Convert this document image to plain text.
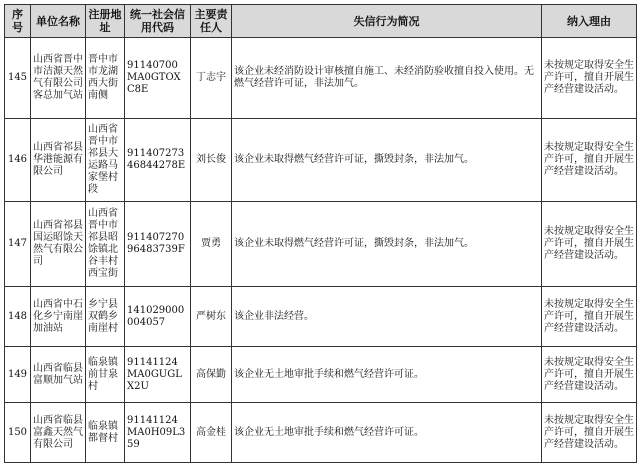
序号	单位名称	注册地址	统一社会信用代码	主要责任人	失信行为简况	纳入理由
145	山西省晋中市洁源天然气有限公司客总加气站	晋中市市龙湖西大街南侧	91140700MA0GTOXC8E	丁志宇	该企业未经消防设计审核擅自施工、未经消防验收擅自投入使用。无燃气经营许可证，非法加气。	未按规定取得安全生产许可，擅自开展生产经营建设活动。
146	山西省祁县华港能源有限公司	山西省晋中市祁县大运路马家堡村段	911407273 46844278E	刘长俊	该企业未取得燃气经营许可证，撕毁封条，非法加气。	未按规定取得安全生产许可，擅自开展生产经营建设活动。
147	山西省祁县国运昭馀天然气有限公司	山西省晋中市祁县昭馀镇北谷丰村西宝街	911407270 96483739F	贾勇	该企业未取得燃气经营许可证，撕毁封条，非法加气。	未按规定取得安全生产许可，擅自开展生产经营建设活动。
148	山西省中石化乡宁南崖加油站	乡宁县双鹤乡南崖村	141029000004057	严树东	该企业非法经营。	未按规定取得安全生产许可，擅自开展生产经营建设活动。
149	山西省临县富顺加气站	临泉镇前甘泉村	91141124MA0GUGLX2U	高保勤	该企业无土地审批手续和燃气经营许可证。	未按规定取得安全生产许可，擅自开展生产经营建设活动。
150	山西省临县富鑫天然气有限公司	临泉镇都督村	91141124MA0H09L359	高金桂	该企业无土地审批手续和燃气经营许可证。	未按规定取得安全生产许可，擅自开展生产经营建设活动。
